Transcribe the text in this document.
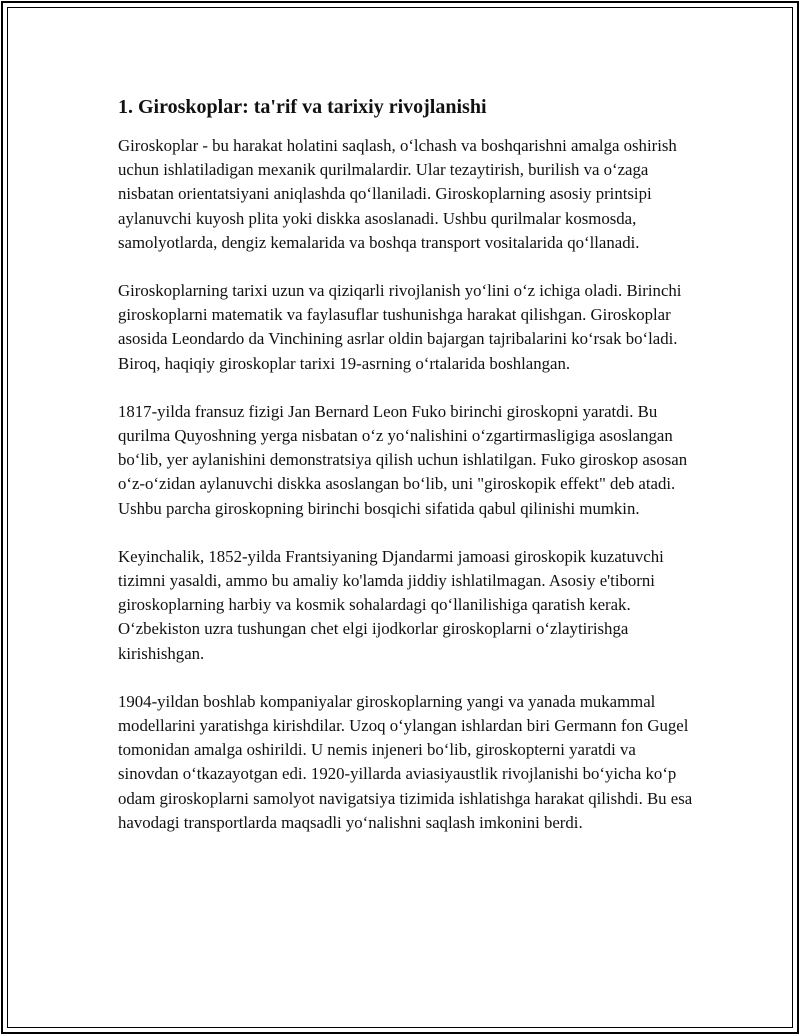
1. Giroskoplar: ta'rif va tarixiy rivojlanishi

Giroskoplar - bu harakat holatini saqlash, o‘lchash va boshqarishni amalga oshirish uchun ishlatiladigan mexanik qurilmalardir. Ular tezaytirish, burilish va o‘zaga nisbatan orientatsiyani aniqlashda qo‘llaniladi. Giroskoplarning asosiy printsipi aylanuvchi kuyosh plita yoki diskka asoslanadi. Ushbu qurilmalar kosmosda, samolyotlarda, dengiz kemalarida va boshqa transport vositalarida qo‘llanadi.

Giroskoplarning tarixi uzun va qiziqarli rivojlanish yo‘lini o‘z ichiga oladi. Birinchi giroskoplarni matematik va faylasuflar tushunishga harakat qilishgan. Giroskoplar asosida Leondardo da Vinchining asrlar oldin bajargan tajribalarini ko‘rsak bo‘ladi. Biroq, haqiqiy giroskoplar tarixi 19-asrning o‘rtalarida boshlangan.

1817-yilda fransuz fizigi Jan Bernard Leon Fuko birinchi giroskopni yaratdi. Bu qurilma Quyoshning yerga nisbatan o‘z yo‘nalishini o‘zgartirmasligiga asoslangan bo‘lib, yer aylanishini demonstratsiya qilish uchun ishlatilgan. Fuko giroskop asosan o‘z-o‘zidan aylanuvchi diskka asoslangan bo‘lib, uni "giroskopik effekt" deb atadi. Ushbu parcha giroskopning birinchi bosqichi sifatida qabul qilinishi mumkin.

Keyinchalik, 1852-yilda Frantsiyaning Djandarmi jamoasi giroskopik kuzatuvchi tizimni yasaldi, ammo bu amaliy ko'lamda jiddiy ishlatilmagan. Asosiy e'tiborni giroskoplarning harbiy va kosmik sohalardagi qo‘llanilishiga qaratish kerak. O‘zbekiston uzra tushungan chet elgi ijodkorlar giroskoplarni o‘zlaytirishga kirishishgan.

1904-yildan boshlab kompaniyalar giroskoplarning yangi va yanada mukammal modellarini yaratishga kirishdilar. Uzoq o‘ylangan ishlardan biri Germann fon Gugel tomonidan amalga oshirildi. U nemis injeneri bo‘lib, giroskopterni yaratdi va sinovdan o‘tkazayotgan edi. 1920-yillarda aviasiyaustlik rivojlanishi bo‘yicha ko‘p odam giroskoplarni samolyot navigatsiya tizimida ishlatishga harakat qilishdi. Bu esa havodagi transportlarda maqsadli yo‘nalishni saqlash imkonini berdi.
